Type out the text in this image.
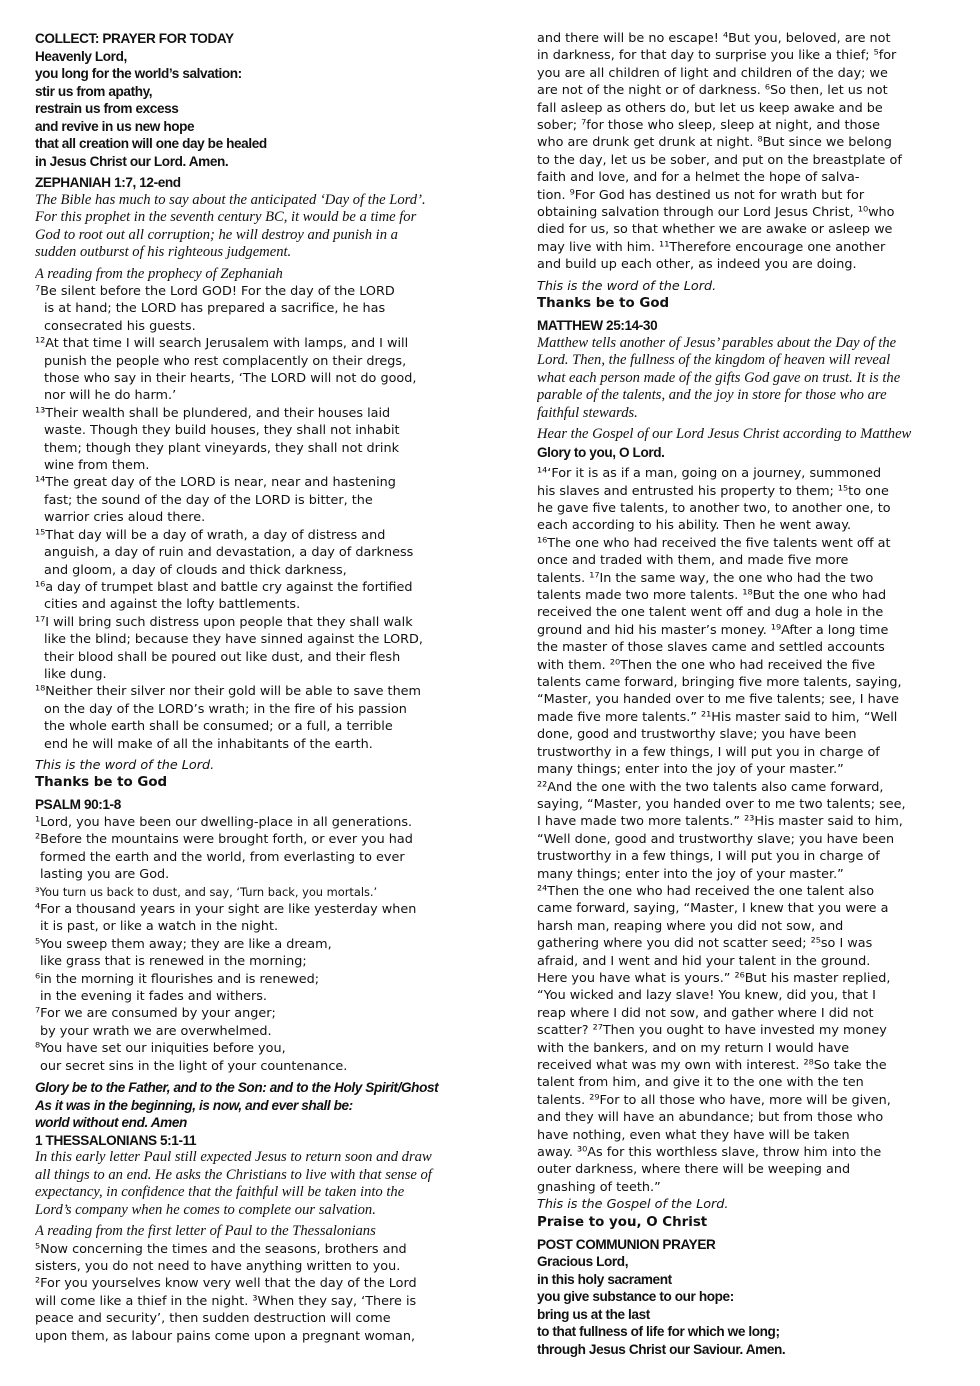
COLLECT: PRAYER FOR TODAY
Heavenly Lord,
you long for the world’s salvation:
stir us from apathy,
restrain us from excess
and revive in us new hope
that all creation will one day be healed
in Jesus Christ our Lord. Amen.
ZEPHANIAH 1:7, 12-end
The Bible has much to say about the anticipated ‘Day of the Lord’.
For this prophet in the seventh century BC, it would be a time for
God to root out all corruption; he will destroy and punish in a
sudden outburst of his righteous judgement.
A reading from the prophecy of Zephaniah
⁷Be silent before the Lord GOD! For the day of the LORD
is at hand; the LORD has prepared a sacrifice, he has
consecrated his guests.
¹²At that time I will search Jerusalem with lamps, and I will
punish the people who rest complacently on their dregs,
those who say in their hearts, ‘The LORD will not do good,
nor will he do harm.’
¹³Their wealth shall be plundered, and their houses laid
waste. Though they build houses, they shall not inhabit
them; though they plant vineyards, they shall not drink
wine from them.
¹⁴The great day of the LORD is near, near and hastening
fast; the sound of the day of the LORD is bitter, the
warrior cries aloud there.
¹⁵That day will be a day of wrath, a day of distress and
anguish, a day of ruin and devastation, a day of darkness
and gloom, a day of clouds and thick darkness,
¹⁶a day of trumpet blast and battle cry against the fortified
cities and against the lofty battlements.
¹⁷I will bring such distress upon people that they shall walk
like the blind; because they have sinned against the LORD,
their blood shall be poured out like dust, and their flesh
like dung.
¹⁸Neither their silver nor their gold will be able to save them
on the day of the LORD’s wrath; in the fire of his passion
the whole earth shall be consumed; or a full, a terrible
end he will make of all the inhabitants of the earth.
This is the word of the Lord.
Thanks be to God
PSALM 90:1-8
¹Lord, you have been our dwelling-place in all generations.
²Before the mountains were brought forth, or ever you had
formed the earth and the world, from everlasting to ever
lasting you are God.
³You turn us back to dust, and say, ‘Turn back, you mortals.’
⁴For a thousand years in your sight are like yesterday when
it is past, or like a watch in the night.
⁵You sweep them away; they are like a dream,
like grass that is renewed in the morning;
⁶in the morning it flourishes and is renewed;
in the evening it fades and withers.
⁷For we are consumed by your anger;
by your wrath we are overwhelmed.
⁸You have set our iniquities before you,
our secret sins in the light of your countenance.
Glory be to the Father, and to the Son: and to the Holy Spirit/Ghost
As it was in the beginning, is now, and ever shall be:
world without end. Amen
1 THESSALONIANS 5:1-11
In this early letter Paul still expected Jesus to return soon and draw
all things to an end. He asks the Christians to live with that sense of
expectancy, in confidence that the faithful will be taken into the
Lord’s company when he comes to complete our salvation.
A reading from the first letter of Paul to the Thessalonians
⁵Now concerning the times and the seasons, brothers and
sisters, you do not need to have anything written to you.
²For you yourselves know very well that the day of the Lord
will come like a thief in the night. ³When they say, ‘There is
peace and security’, then sudden destruction will come
upon them, as labour pains come upon a pregnant woman,
and there will be no escape! ⁴But you, beloved, are not
in darkness, for that day to surprise you like a thief; ⁵for
you are all children of light and children of the day; we
are not of the night or of darkness. ⁶So then, let us not
fall asleep as others do, but let us keep awake and be
sober; ⁷for those who sleep, sleep at night, and those
who are drunk get drunk at night. ⁸But since we belong
to the day, let us be sober, and put on the breastplate of
faith and love, and for a helmet the hope of salva-
tion. ⁹For God has destined us not for wrath but for
obtaining salvation through our Lord Jesus Christ, ¹⁰who
died for us, so that whether we are awake or asleep we
may live with him. ¹¹Therefore encourage one another
and build up each other, as indeed you are doing.
This is the word of the Lord.
Thanks be to God
MATTHEW 25:14-30
Matthew tells another of Jesus’ parables about the Day of the
Lord. Then, the fullness of the kingdom of heaven will reveal
what each person made of the gifts God gave on trust. It is the
parable of the talents, and the joy in store for those who are
faithful stewards.
Hear the Gospel of our Lord Jesus Christ according to Matthew
Glory to you, O Lord.
¹⁴‘For it is as if a man, going on a journey, summoned
his slaves and entrusted his property to them; ¹⁵to one
he gave five talents, to another two, to another one, to
each according to his ability. Then he went away.
¹⁶The one who had received the five talents went off at
once and traded with them, and made five more
talents. ¹⁷In the same way, the one who had the two
talents made two more talents. ¹⁸But the one who had
received the one talent went off and dug a hole in the
ground and hid his master’s money. ¹⁹After a long time
the master of those slaves came and settled accounts
with them. ²⁰Then the one who had received the five
talents came forward, bringing five more talents, saying,
“Master, you handed over to me five talents; see, I have
made five more talents.” ²¹His master said to him, “Well
done, good and trustworthy slave; you have been
trustworthy in a few things, I will put you in charge of
many things; enter into the joy of your master.”
²²And the one with the two talents also came forward,
saying, “Master, you handed over to me two talents; see,
I have made two more talents.” ²³His master said to him,
“Well done, good and trustworthy slave; you have been
trustworthy in a few things, I will put you in charge of
many things; enter into the joy of your master.”
²⁴Then the one who had received the one talent also
came forward, saying, “Master, I knew that you were a
harsh man, reaping where you did not sow, and
gathering where you did not scatter seed; ²⁵so I was
afraid, and I went and hid your talent in the ground.
Here you have what is yours.” ²⁶But his master replied,
“You wicked and lazy slave! You knew, did you, that I
reap where I did not sow, and gather where I did not
scatter? ²⁷Then you ought to have invested my money
with the bankers, and on my return I would have
received what was my own with interest. ²⁸So take the
talent from him, and give it to the one with the ten
talents. ²⁹For to all those who have, more will be given,
and they will have an abundance; but from those who
have nothing, even what they have will be taken
away. ³⁰As for this worthless slave, throw him into the
outer darkness, where there will be weeping and
gnashing of teeth.”
This is the Gospel of the Lord.
Praise to you, O Christ
POST COMMUNION PRAYER
Gracious Lord,
in this holy sacrament
you give substance to our hope:
bring us at the last
to that fullness of life for which we long;
through Jesus Christ our Saviour. Amen.
